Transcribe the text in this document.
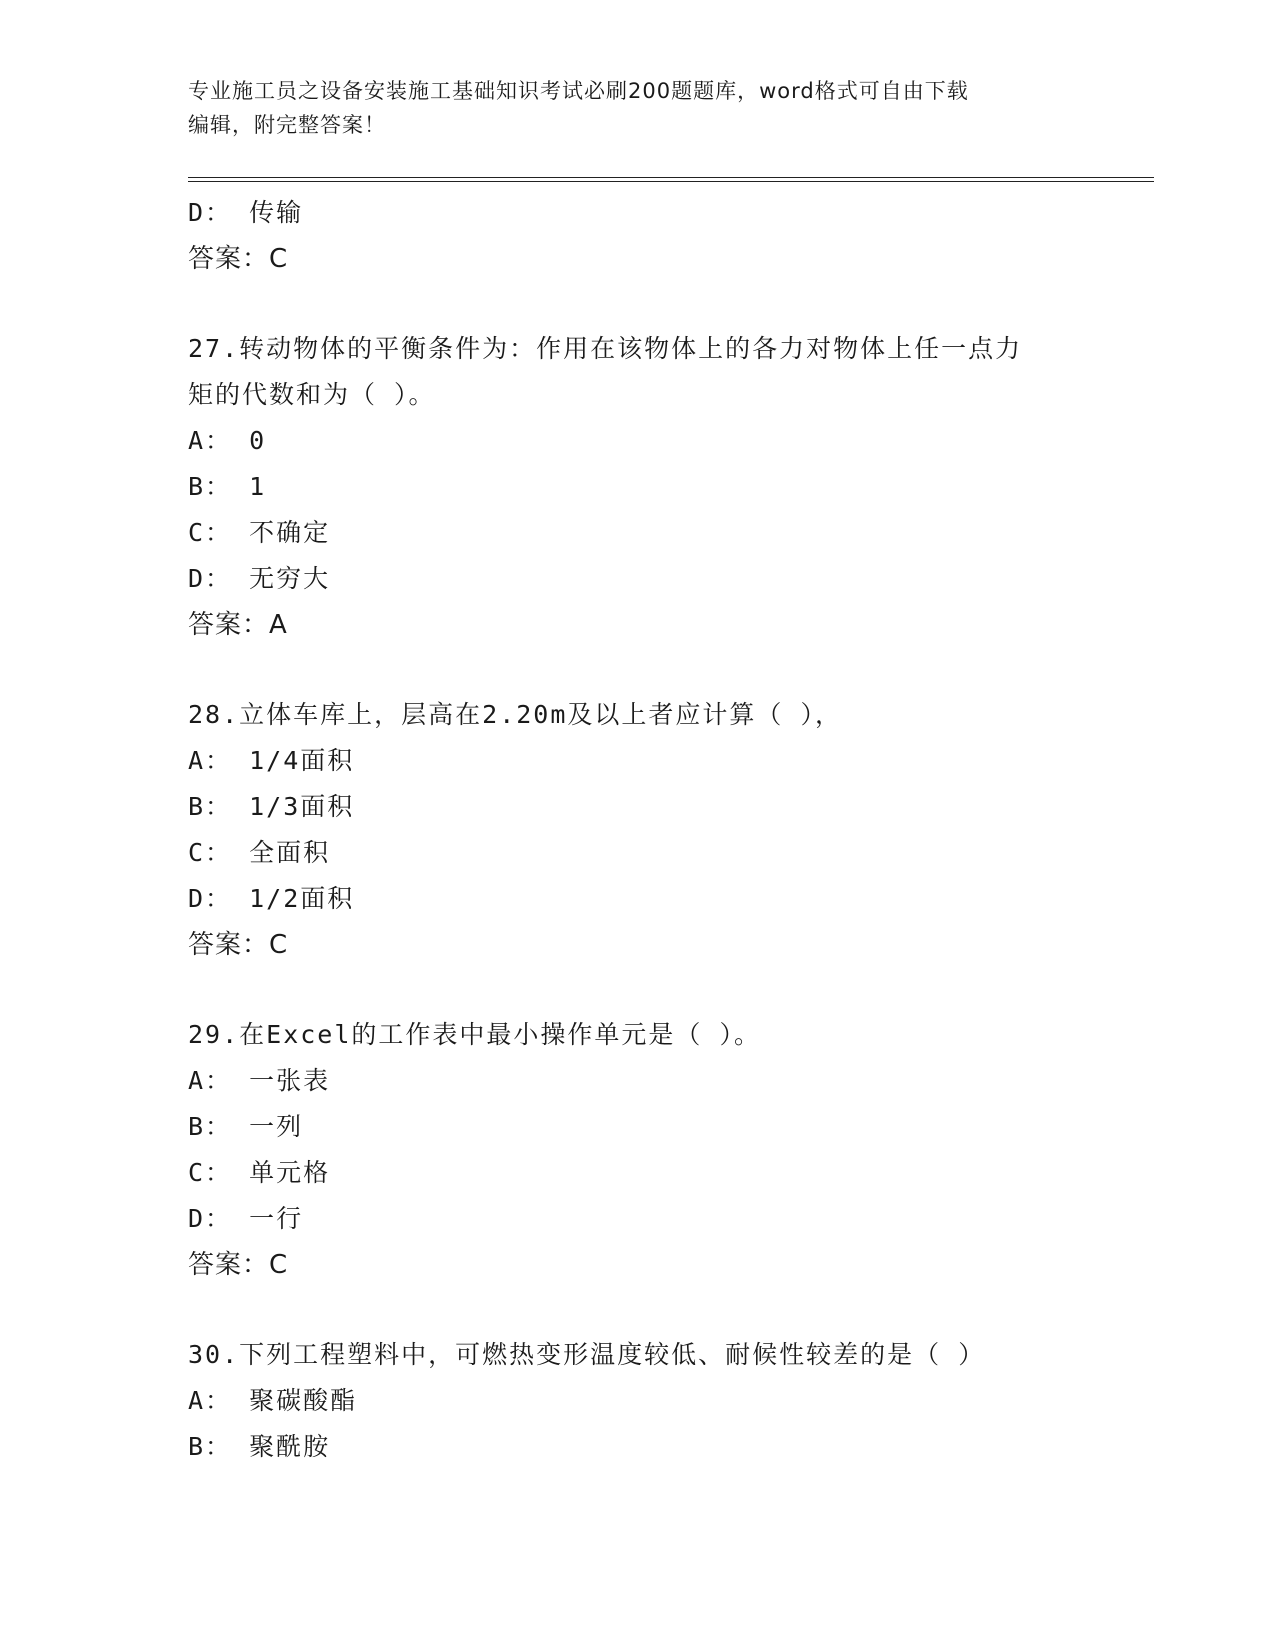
专业施工员之设备安装施工基础知识考试必刷200题题库，word格式可自由下载
编辑，附完整答案！
D： 传输
答案：C
27.转动物体的平衡条件为：作用在该物体上的各力对物体上任一点力
矩的代数和为（ ）。
A： 0
B： 1
C： 不确定
D： 无穷大
答案：A
28.立体车库上，层高在2.20m及以上者应计算（ ），
A： 1/4面积
B： 1/3面积
C： 全面积
D： 1/2面积
答案：C
29.在Excel的工作表中最小操作单元是（ ）。
A： 一张表
B： 一列
C： 单元格
D： 一行
答案：C
30.下列工程塑料中，可燃热变形温度较低、耐候性较差的是（ ）
A： 聚碳酸酯
B： 聚酰胺
